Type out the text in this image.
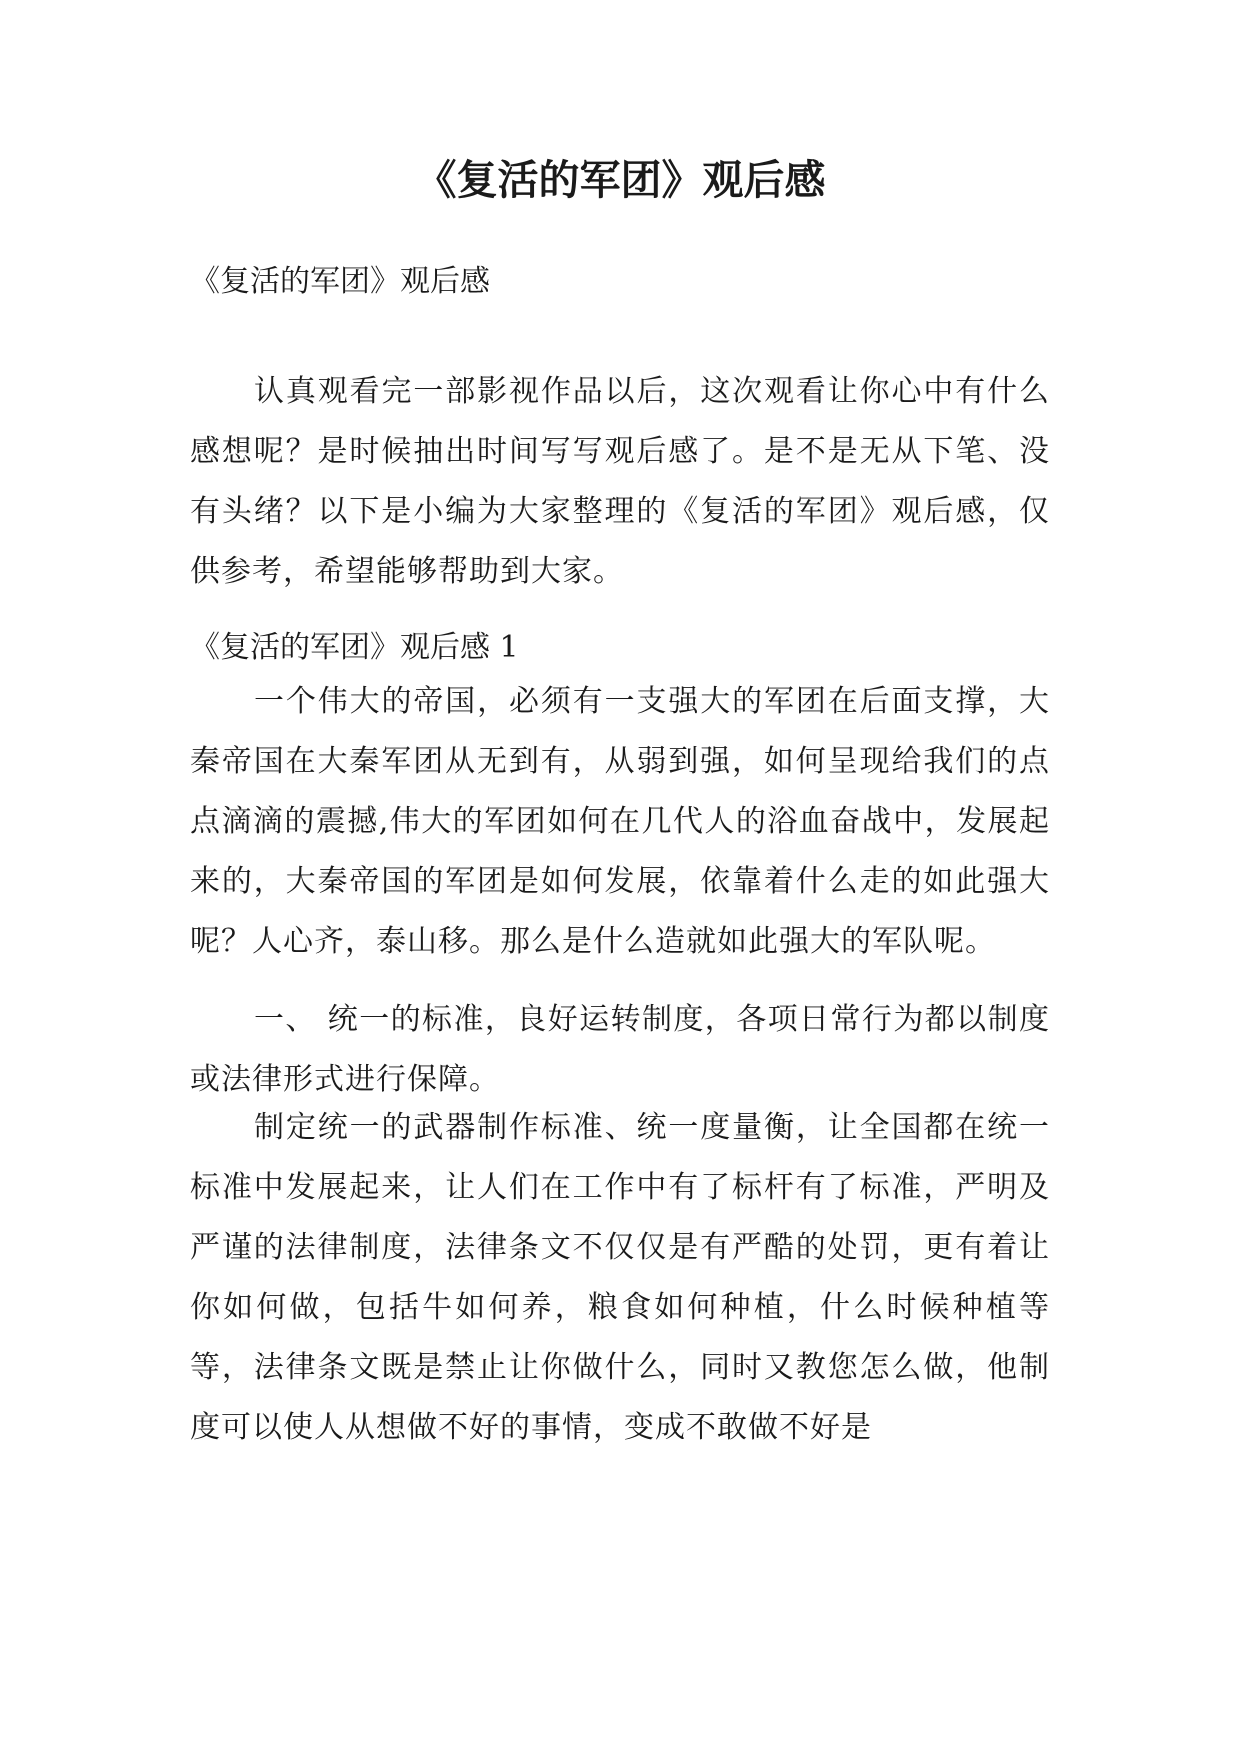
《复活的军团》观后感

《复活的军团》观后感

认真观看完一部影视作品以后，这次观看让你心中有什么感想呢？是时候抽出时间写写观后感了。是不是无从下笔、没有头绪？以下是小编为大家整理的《复活的军团》观后感，仅供参考，希望能够帮助到大家。

《复活的军团》观后感 1

一个伟大的帝国，必须有一支强大的军团在后面支撑，大秦帝国在大秦军团从无到有，从弱到强，如何呈现给我们的点点滴滴的震撼,伟大的军团如何在几代人的浴血奋战中，发展起来的，大秦帝国的军团是如何发展，依靠着什么走的如此强大呢？人心齐，泰山移。那么是什么造就如此强大的军队呢。

一、 统一的标准，良好运转制度，各项日常行为都以制度或法律形式进行保障。

制定统一的武器制作标准、统一度量衡，让全国都在统一标准中发展起来，让人们在工作中有了标杆有了标准，严明及严谨的法律制度，法律条文不仅仅是有严酷的处罚，更有着让你如何做，包括牛如何养，粮食如何种植，什么时候种植等等，法律条文既是禁止让你做什么，同时又教您怎么做，他制度可以使人从想做不好的事情，变成不敢做不好是
